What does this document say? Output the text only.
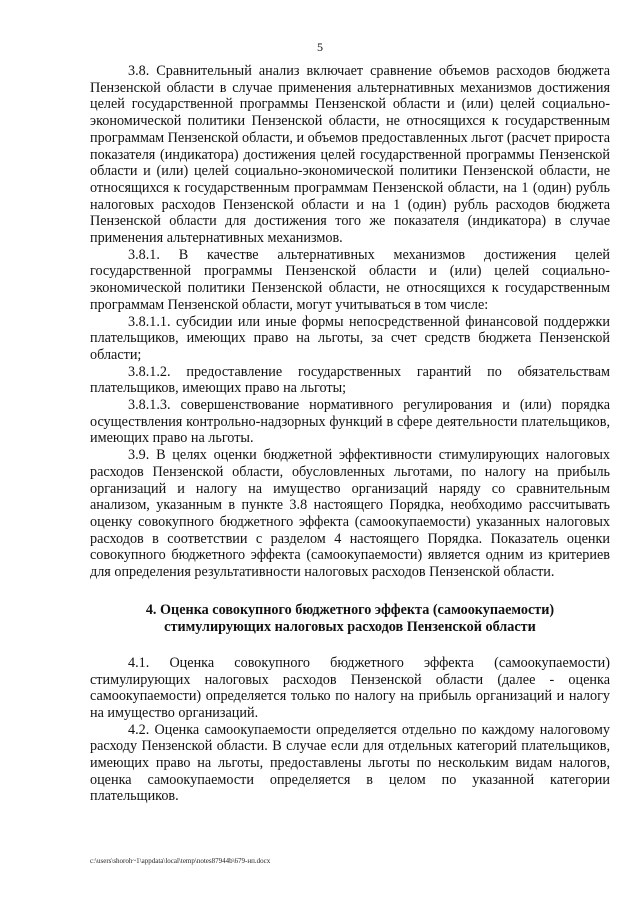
5

3.8. Сравнительный анализ включает сравнение объемов расходов бюджета Пензенской области в случае применения альтернативных механизмов достижения целей государственной программы Пензенской области и (или) целей социально-экономической политики Пензенской области, не относящихся к государственным программам Пензенской области, и объемов предоставленных льгот (расчет прироста показателя (индикатора) достижения целей государственной программы Пензенской области и (или) целей социально-экономической политики Пензенской области, не относящихся к государственным программам Пензенской области, на 1 (один) рубль налоговых расходов Пензенской области и на 1 (один) рубль расходов бюджета Пензенской области для достижения того же показателя (индикатора) в случае применения альтернативных механизмов.

3.8.1. В качестве альтернативных механизмов достижения целей государственной программы Пензенской области и (или) целей социально-экономической политики Пензенской области, не относящихся к государственным программам Пензенской области, могут учитываться в том числе:

3.8.1.1. субсидии или иные формы непосредственной финансовой поддержки плательщиков, имеющих право на льготы, за счет средств бюджета Пензенской области;

3.8.1.2. предоставление государственных гарантий по обязательствам плательщиков, имеющих право на льготы;

3.8.1.3. совершенствование нормативного регулирования и (или) порядка осуществления контрольно-надзорных функций в сфере деятельности плательщиков, имеющих право на льготы.

3.9. В целях оценки бюджетной эффективности стимулирующих налоговых расходов Пензенской области, обусловленных льготами, по налогу на прибыль организаций и налогу на имущество организаций наряду со сравнительным анализом, указанным в пункте 3.8 настоящего Порядка, необходимо рассчитывать оценку совокупного бюджетного эффекта (самоокупаемости) указанных налоговых расходов в соответствии с разделом 4 настоящего Порядка. Показатель оценки совокупного бюджетного эффекта (самоокупаемости) является одним из критериев для определения результативности налоговых расходов Пензенской области.

4. Оценка совокупного бюджетного эффекта (самоокупаемости)
стимулирующих налоговых расходов Пензенской области

4.1. Оценка совокупного бюджетного эффекта (самоокупаемости) стимулирующих налоговых расходов Пензенской области (далее - оценка самоокупаемости) определяется только по налогу на прибыль организаций и налогу на имущество организаций.

4.2. Оценка самоокупаемости определяется отдельно по каждому налоговому расходу Пензенской области. В случае если для отдельных категорий плательщиков, имеющих право на льготы, предоставлены льготы по нескольким видам налогов, оценка самоокупаемости определяется в целом по указанной категории плательщиков.

c:\users\shoroh~1\appdata\local\temp\notes87944b\679-нп.docx
